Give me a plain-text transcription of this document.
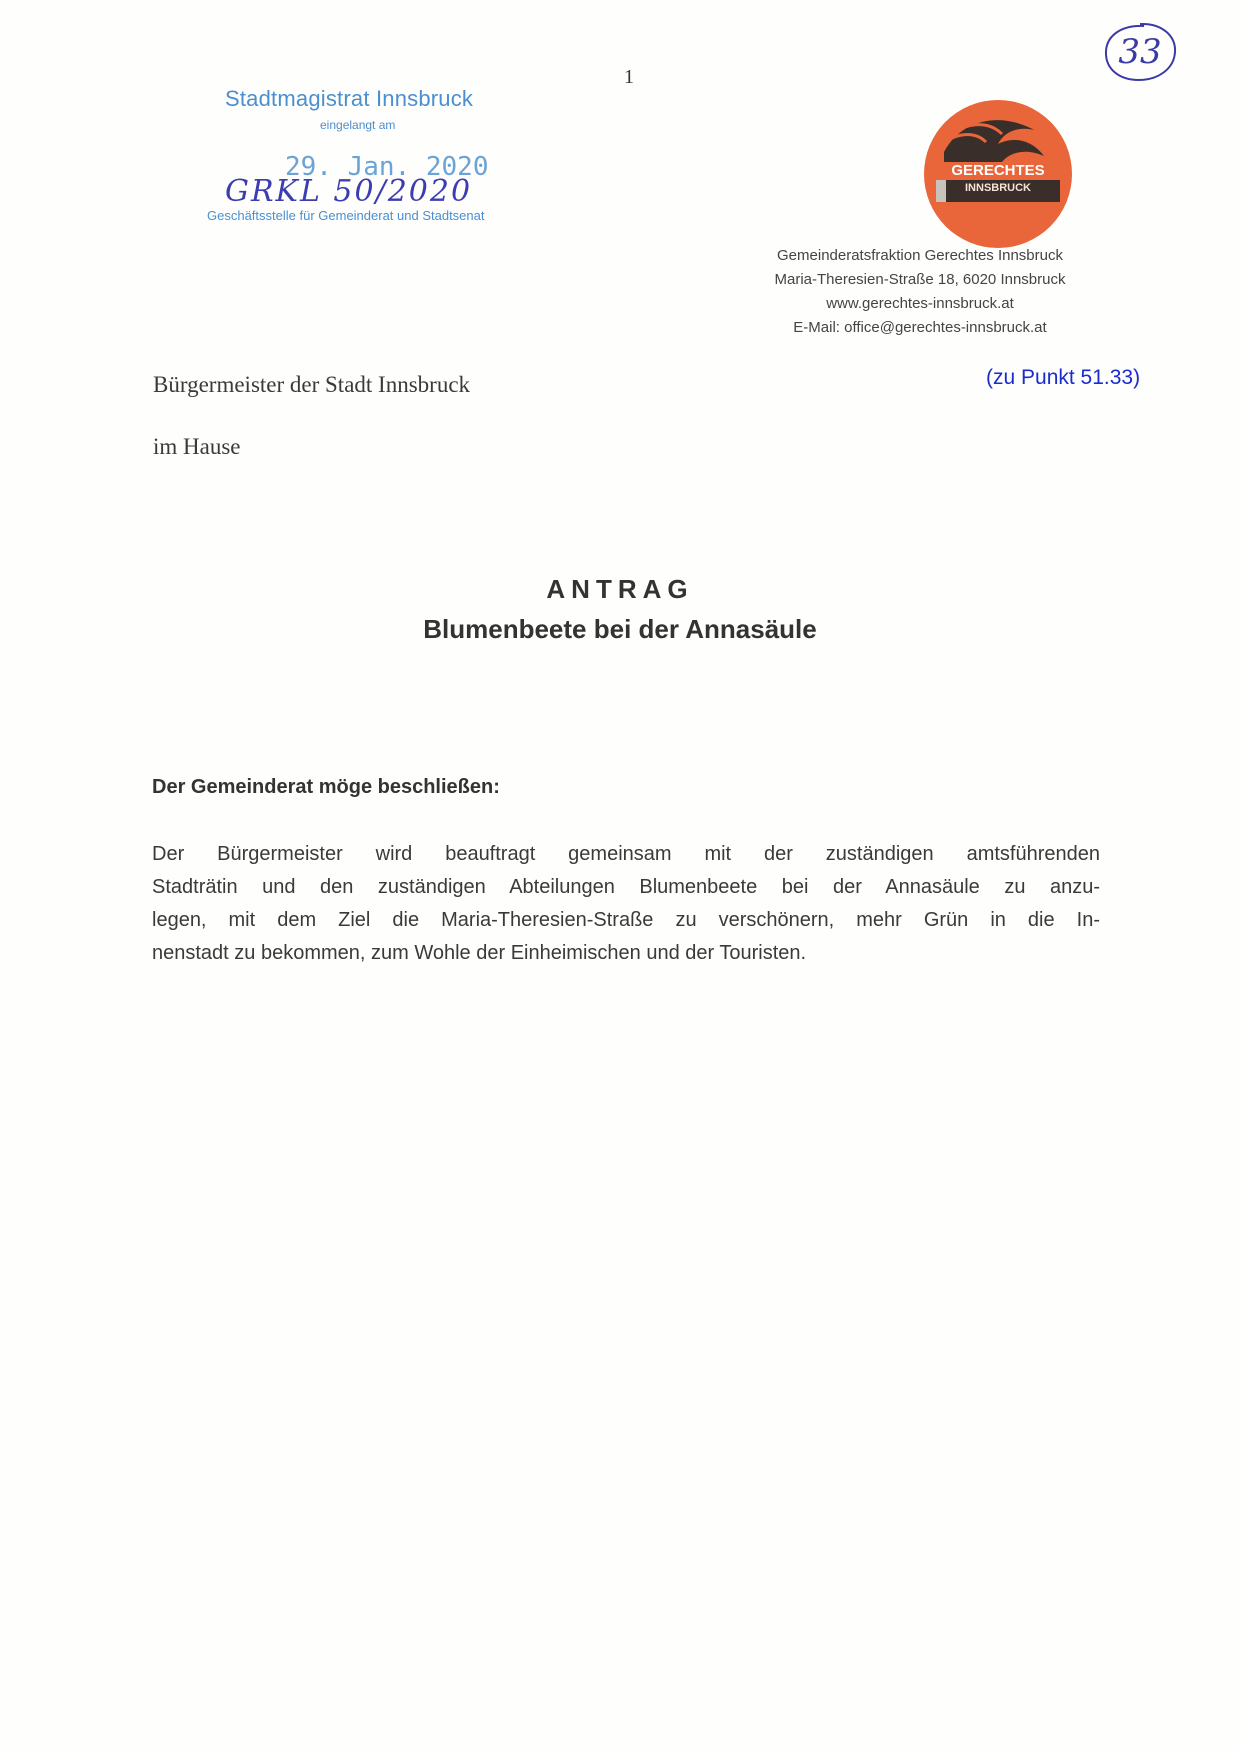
1
33
Stadtmagistrat Innsbruck
eingelangt am
GRKL 50/2020
Geschäftsstelle für Gemeinderat und Stadtsenat
29. Jan. 2020	GERECHTES
INNSBRUCK
Gemeinderatsfraktion Gerechtes Innsbruck
Maria-Theresien-Straße 18, 6020 Innsbruck
www.gerechtes-innsbruck.at
E-Mail: office@gerechtes-innsbruck.at
(zu Punkt 51.33)
Bürgermeister der Stadt Innsbruck
im Hause
ANTRAG
Blumenbeete bei der Annasäule
Der Gemeinderat möge beschließen:
Der Bürgermeister wird beauftragt gemeinsam mit der zuständigen amtsführenden
Stadträtin und den zuständigen Abteilungen Blumenbeete bei der Annasäule zu anzu-
legen, mit dem Ziel die Maria-Theresien-Straße zu verschönern, mehr Grün in die In-
nenstadt zu bekommen, zum Wohle der Einheimischen und der Touristen.
